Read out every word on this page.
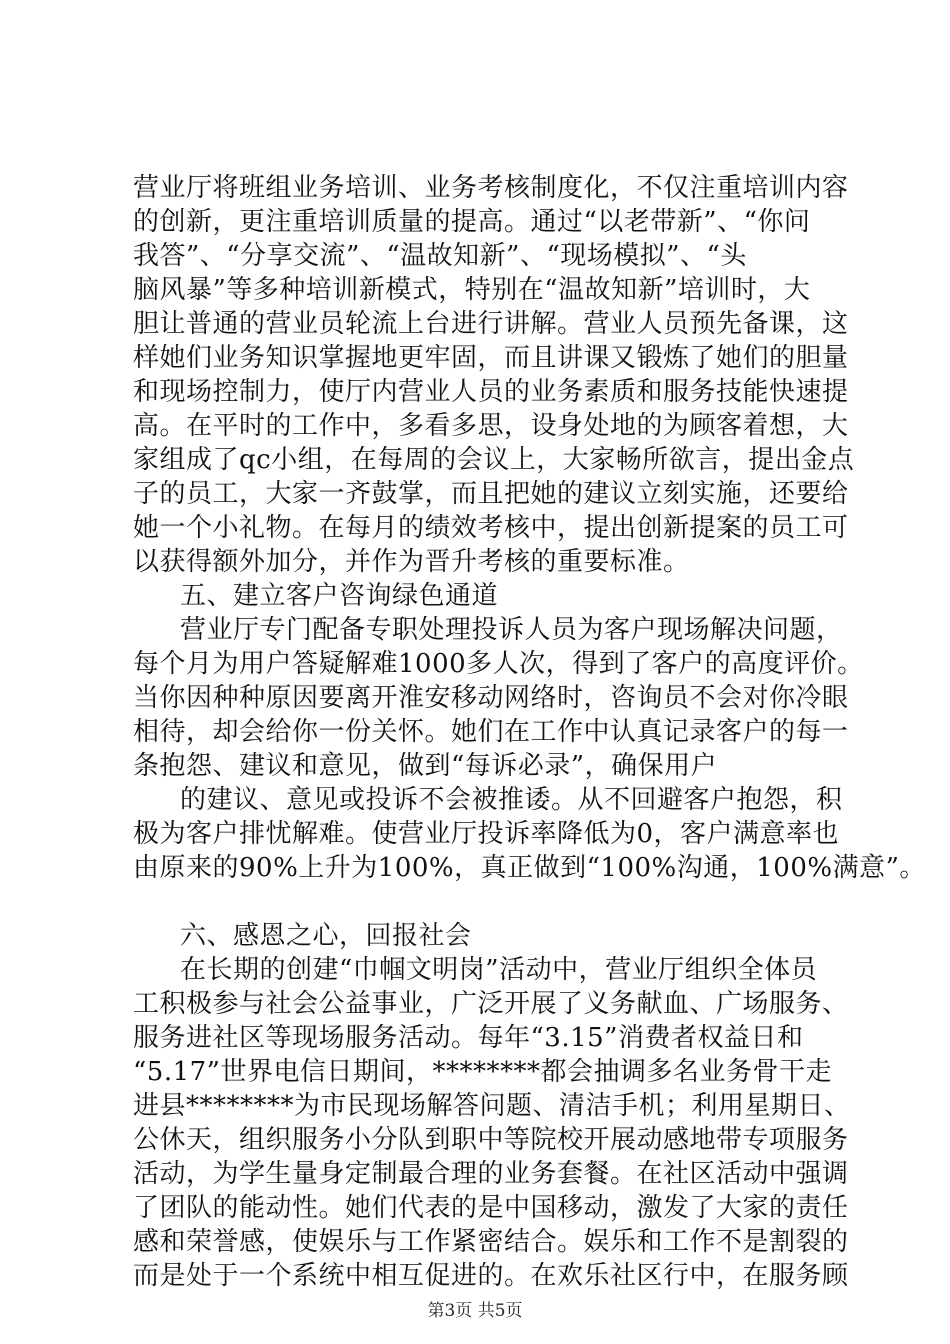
营业厅将班组业务培训、业务考核制度化，不仅注重培训内容
的创新，更注重培训质量的提高。通过“以老带新”、“你问
我答”、“分享交流”、“温故知新”、“现场模拟”、“头
脑风暴”等多种培训新模式，特别在“温故知新”培训时，大
胆让普通的营业员轮流上台进行讲解。营业人员预先备课，这
样她们业务知识掌握地更牢固，而且讲课又锻炼了她们的胆量
和现场控制力，使厅内营业人员的业务素质和服务技能快速提
高。在平时的工作中，多看多思，设身处地的为顾客着想，大
家组成了qc小组，在每周的会议上，大家畅所欲言，提出金点
子的员工，大家一齐鼓掌，而且把她的建议立刻实施，还要给
她一个小礼物。在每月的绩效考核中，提出创新提案的员工可
以获得额外加分，并作为晋升考核的重要标准。
五、建立客户咨询绿色通道
营业厅专门配备专职处理投诉人员为客户现场解决问题，
每个月为用户答疑解难1000多人次，得到了客户的高度评价。
当你因种种原因要离开淮安移动网络时，咨询员不会对你冷眼
相待，却会给你一份关怀。她们在工作中认真记录客户的每一
条抱怨、建议和意见，做到“每诉必录”，确保用户
的建议、意见或投诉不会被推诿。从不回避客户抱怨，积
极为客户排忧解难。使营业厅投诉率降低为0，客户满意率也
由原来的90%上升为100%，真正做到“100%沟通，100%满意”。
六、感恩之心，回报社会
在长期的创建“巾帼文明岗”活动中，营业厅组织全体员
工积极参与社会公益事业，广泛开展了义务献血、广场服务、
服务进社区等现场服务活动。每年“3.15”消费者权益日和
“5.17”世界电信日期间，********都会抽调多名业务骨干走
进县********为市民现场解答问题、清洁手机；利用星期日、
公休天，组织服务小分队到职中等院校开展动感地带专项服务
活动，为学生量身定制最合理的业务套餐。在社区活动中强调
了团队的能动性。她们代表的是中国移动，激发了大家的责任
感和荣誉感，使娱乐与工作紧密结合。娱乐和工作不是割裂的
而是处于一个系统中相互促进的。在欢乐社区行中，在服务顾
第3页 共5页
